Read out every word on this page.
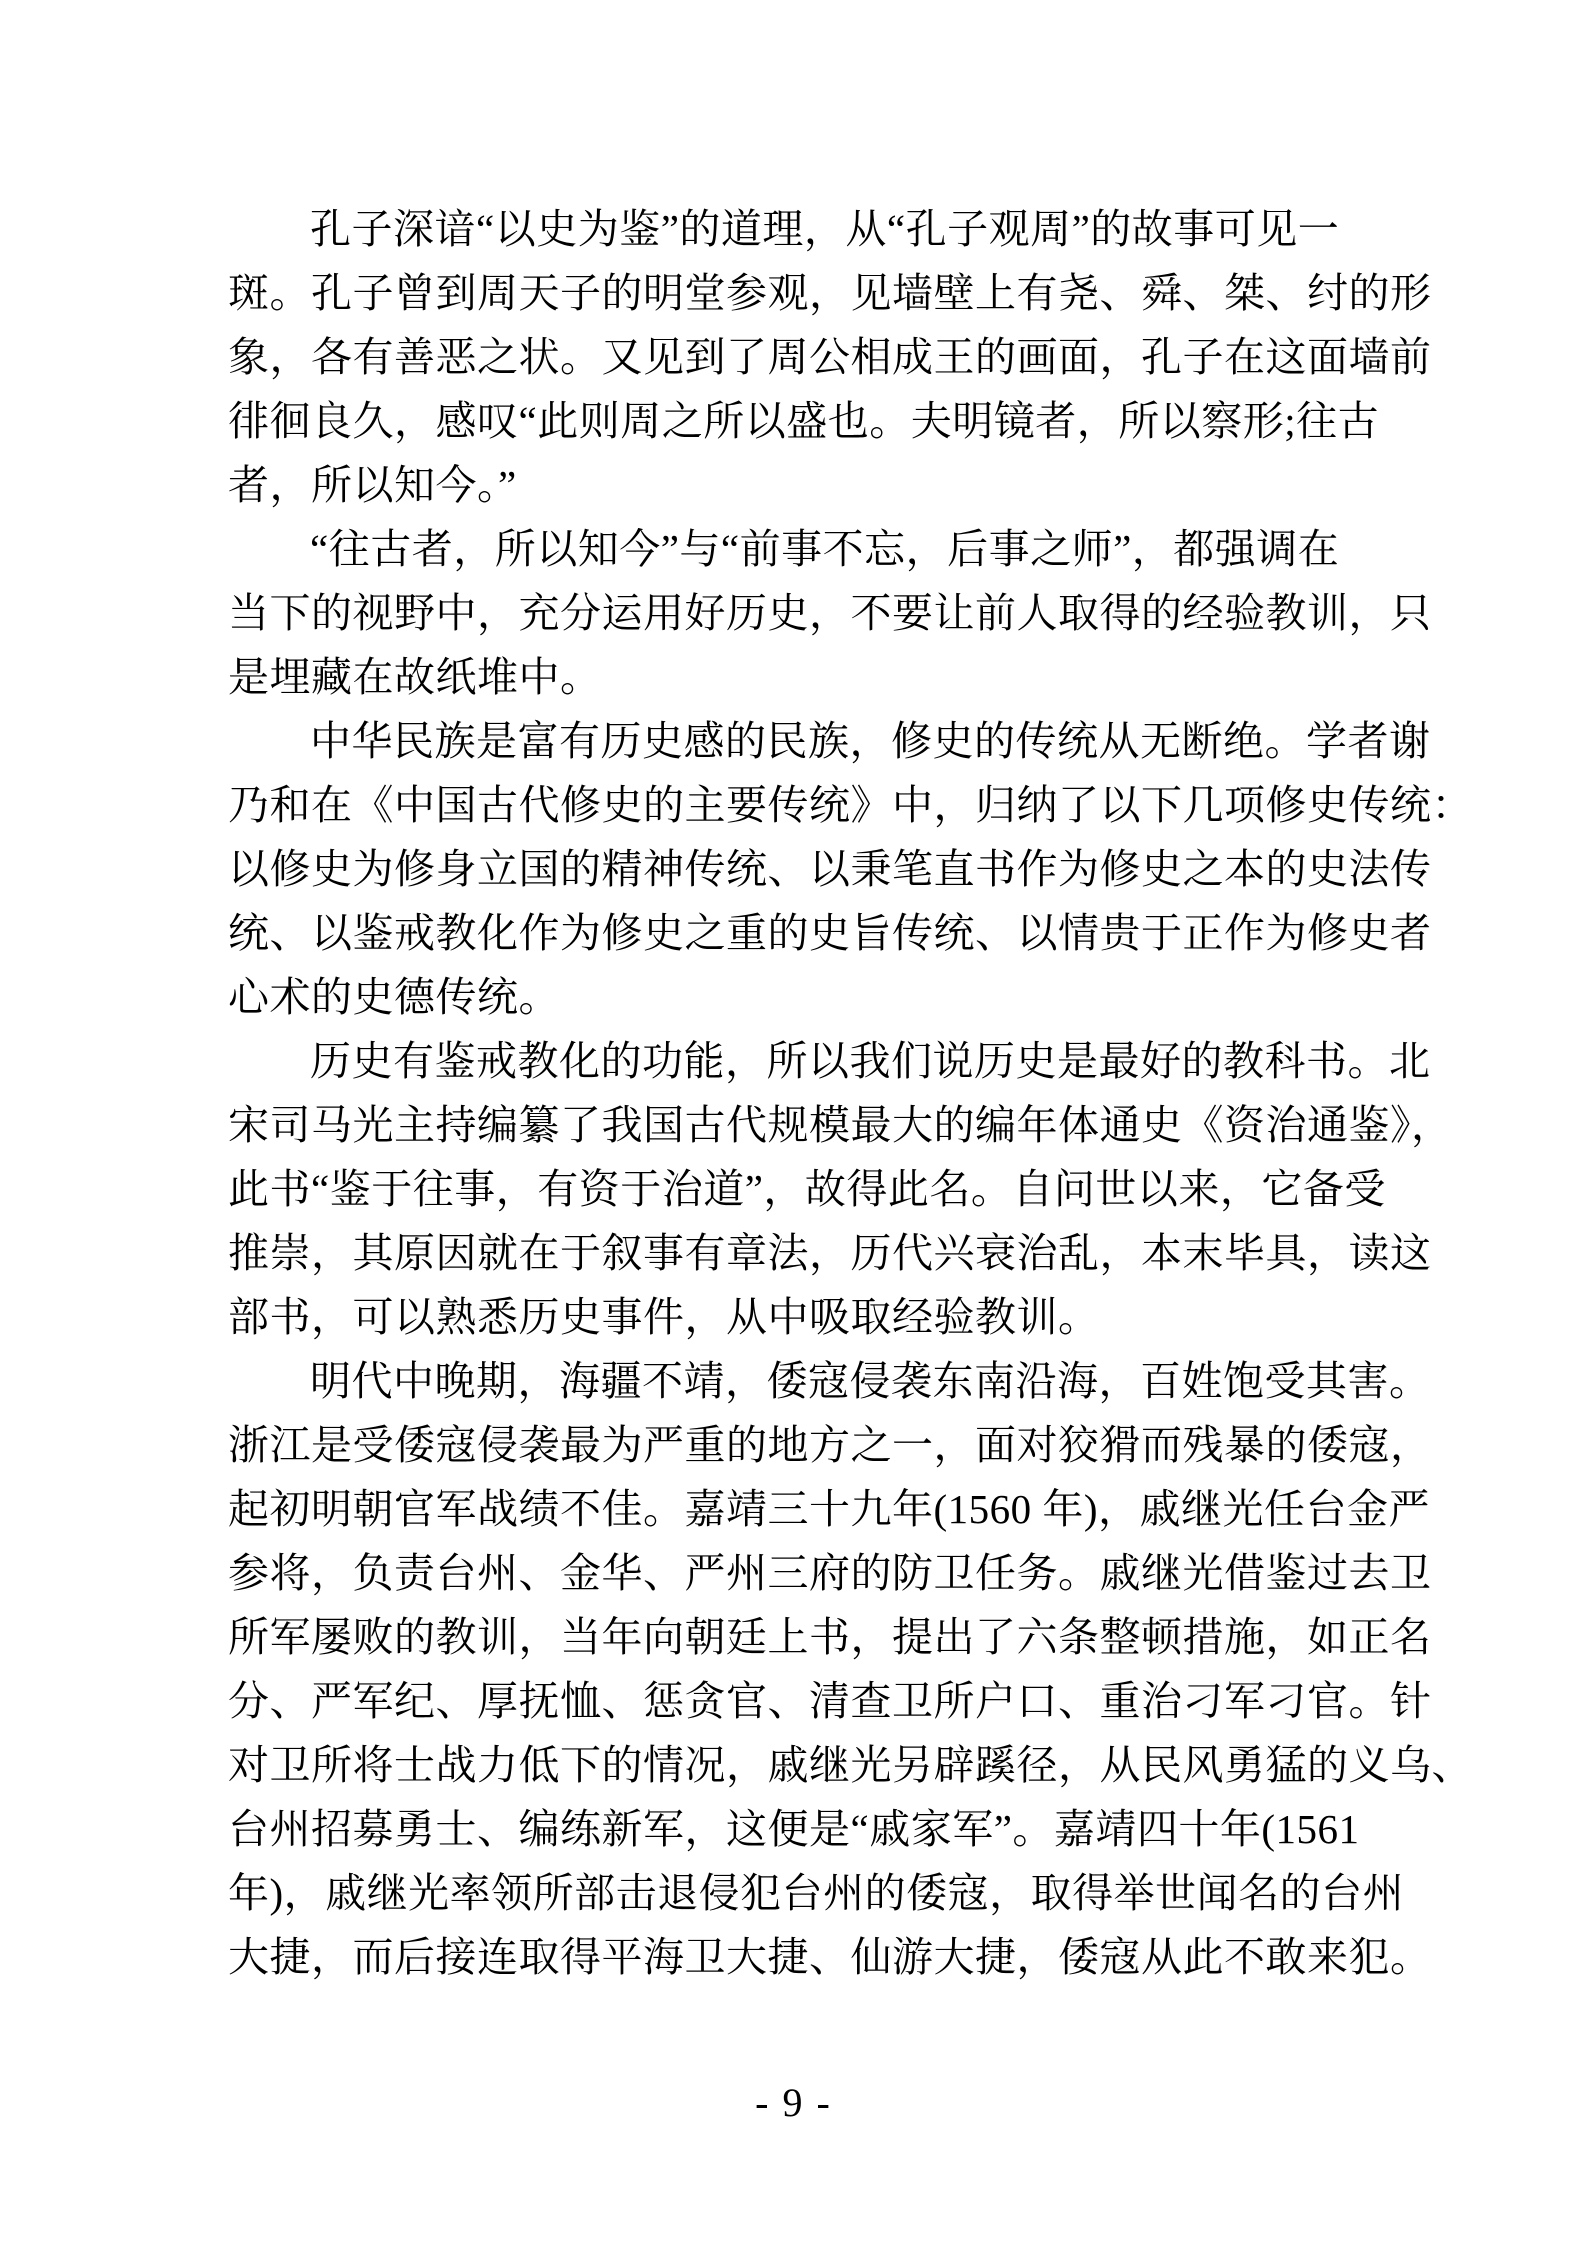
孔子深谙“以史为鉴”的道理，从“孔子观周”的故事可见一
斑。孔子曾到周天子的明堂参观，见墙壁上有尧、舜、桀、纣的形
象，各有善恶之状。又见到了周公相成王的画面，孔子在这面墙前
徘徊良久，感叹“此则周之所以盛也。夫明镜者，所以察形;往古
者，所以知今。”
“往古者，所以知今”与“前事不忘，后事之师”，都强调在
当下的视野中，充分运用好历史，不要让前人取得的经验教训，只
是埋藏在故纸堆中。
中华民族是富有历史感的民族，修史的传统从无断绝。学者谢
乃和在《中国古代修史的主要传统》中，归纳了以下几项修史传统：
以修史为修身立国的精神传统、以秉笔直书作为修史之本的史法传
统、以鉴戒教化作为修史之重的史旨传统、以情贵于正作为修史者
心术的史德传统。
历史有鉴戒教化的功能，所以我们说历史是最好的教科书。北
宋司马光主持编纂了我国古代规模最大的编年体通史《资治通鉴》，
此书“鉴于往事，有资于治道”，故得此名。自问世以来，它备受
推崇，其原因就在于叙事有章法，历代兴衰治乱，本末毕具，读这
部书，可以熟悉历史事件，从中吸取经验教训。
明代中晚期，海疆不靖，倭寇侵袭东南沿海，百姓饱受其害。
浙江是受倭寇侵袭最为严重的地方之一，面对狡猾而残暴的倭寇，
起初明朝官军战绩不佳。嘉靖三十九年(1560 年)，戚继光任台金严
参将，负责台州、金华、严州三府的防卫任务。戚继光借鉴过去卫
所军屡败的教训，当年向朝廷上书，提出了六条整顿措施，如正名
分、严军纪、厚抚恤、惩贪官、清查卫所户口、重治刁军刁官。针
对卫所将士战力低下的情况，戚继光另辟蹊径，从民风勇猛的义乌、
台州招募勇士、编练新军，这便是“戚家军”。嘉靖四十年(1561
年)，戚继光率领所部击退侵犯台州的倭寇，取得举世闻名的台州
大捷，而后接连取得平海卫大捷、仙游大捷，倭寇从此不敢来犯。
- 9 -
